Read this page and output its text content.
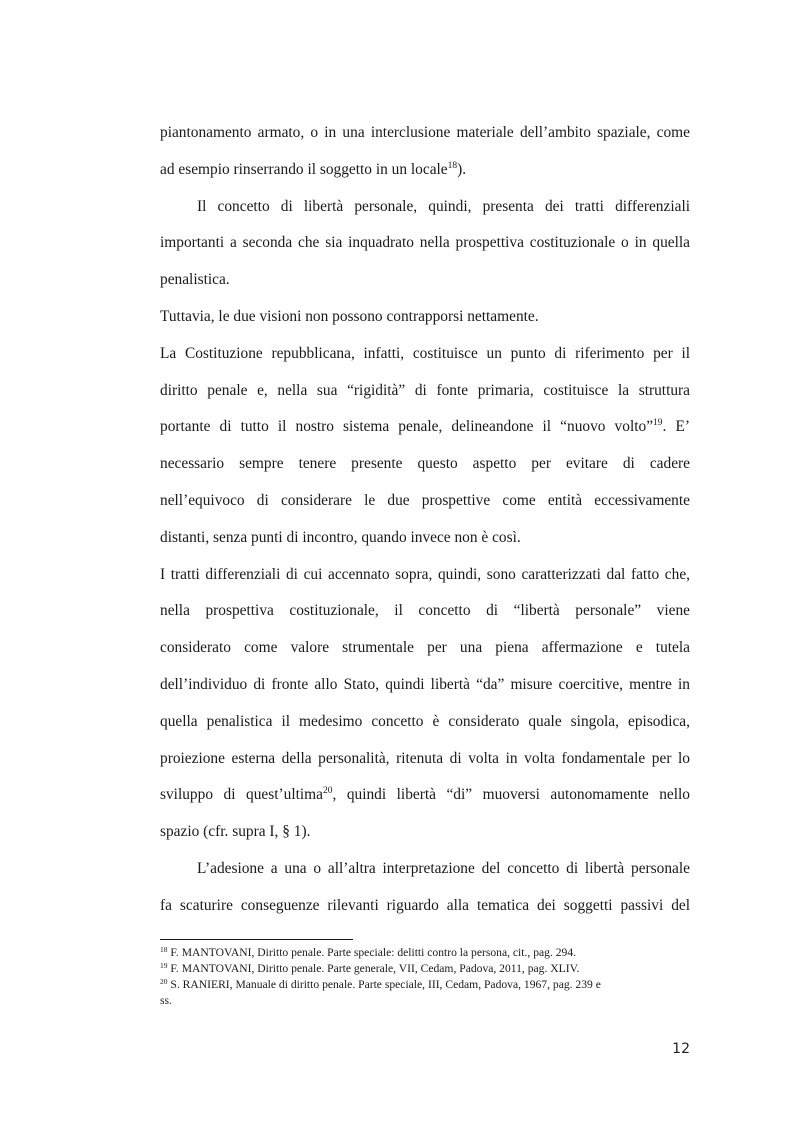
piantonamento armato, o in una interclusione materiale dell’ambito spaziale, come
ad esempio rinserrando il soggetto in un locale$^{18}$).
Il concetto di libertà personale, quindi, presenta dei tratti differenziali
importanti a seconda che sia inquadrato nella prospettiva costituzionale o in quella
penalistica.
Tuttavia, le due visioni non possono contrapporsi nettamente.
La Costituzione repubblicana, infatti, costituisce un punto di riferimento per il
diritto penale e, nella sua “rigidità” di fonte primaria, costituisce la struttura
portante di tutto il nostro sistema penale, delineandone il “nuovo volto”$^{19}$. E’
necessario sempre tenere presente questo aspetto per evitare di cadere
nell’equivoco di considerare le due prospettive come entità eccessivamente
distanti, senza punti di incontro, quando invece non è così.
I tratti differenziali di cui accennato sopra, quindi, sono caratterizzati dal fatto che,
nella prospettiva costituzionale, il concetto di “libertà personale” viene
considerato come valore strumentale per una piena affermazione e tutela
dell’individuo di fronte allo Stato, quindi libertà “da” misure coercitive, mentre in
quella penalistica il medesimo concetto è considerato quale singola, episodica,
proiezione esterna della personalità, ritenuta di volta in volta fondamentale per lo
sviluppo di quest’ultima$^{20}$, quindi libertà “di” muoversi autonomamente nello
spazio (cfr. supra I, § 1).
L’adesione a una o all’altra interpretazione del concetto di libertà personale
fa scaturire conseguenze rilevanti riguardo alla tematica dei soggetti passivi del
$^{18}$ F. MANTOVANI, Diritto penale. Parte speciale: delitti contro la persona, cit., pag. 294.
$^{19}$ F. MANTOVANI, Diritto penale. Parte generale, VII, Cedam, Padova, 2011, pag. XLIV.
$^{20}$ S. RANIERI, Manuale di diritto penale. Parte speciale, III, Cedam, Padova, 1967, pag. 239 e
ss.
12
